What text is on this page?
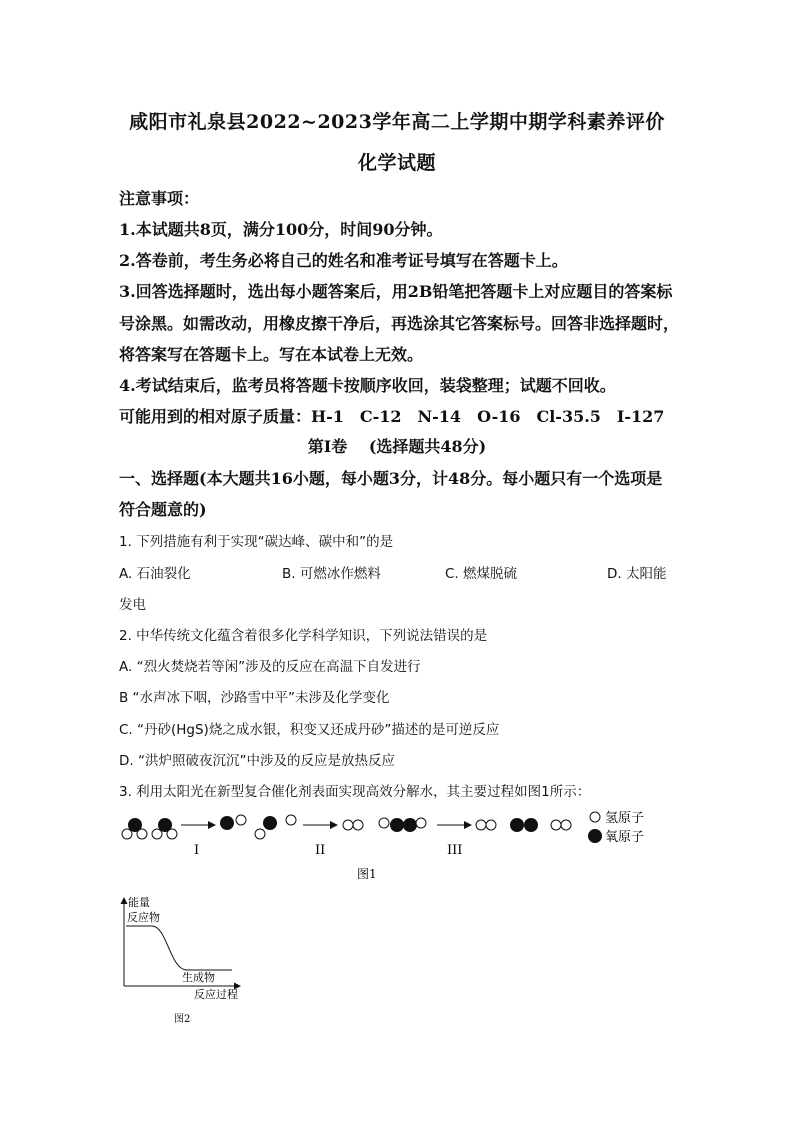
咸阳市礼泉县2022~2023学年高二上学期中期学科素养评价
化学试题
注意事项：
1.本试题共8页，满分100分，时间90分钟。
2.答卷前，考生务必将自己的姓名和准考证号填写在答题卡上。
3.回答选择题时，选出每小题答案后，用2B铅笔把答题卡上对应题目的答案标
号涂黑。如需改动，用橡皮擦干净后，再选涂其它答案标号。回答非选择题时，
将答案写在答题卡上。写在本试卷上无效。
4.考试结束后，监考员将答题卡按顺序收回，装袋整理；试题不回收。
可能用到的相对原子质量：H-1　C-12　N-14　O-16　Cl-35.5　I-127
第Ⅰ卷　 (选择题共48分)
一、选择题(本大题共16小题，每小题3分，计48分。每小题只有一个选项是
符合题意的)
1. 下列措施有利于实现“碳达峰、碳中和”的是
A. 石油裂化	B. 可燃冰作燃料	C. 燃煤脱硫	D. 太阳能
发电
2. 中华传统文化蕴含着很多化学科学知识，下列说法错误的是
A. “烈火焚烧若等闲”涉及的反应在高温下自发进行
B “水声冰下咽，沙路雪中平”未涉及化学变化
C. “丹砂(HgS)烧之成水银，积变又还成丹砂”描述的是可逆反应
D. “洪炉照破夜沉沉”中涉及的反应是放热反应
3. 利用太阳光在新型复合催化剂表面实现高效分解水，其主要过程如图1所示：
I	II	III
氢原子
氧原子
图1
能量
反应物
生成物
反应过程
图2
